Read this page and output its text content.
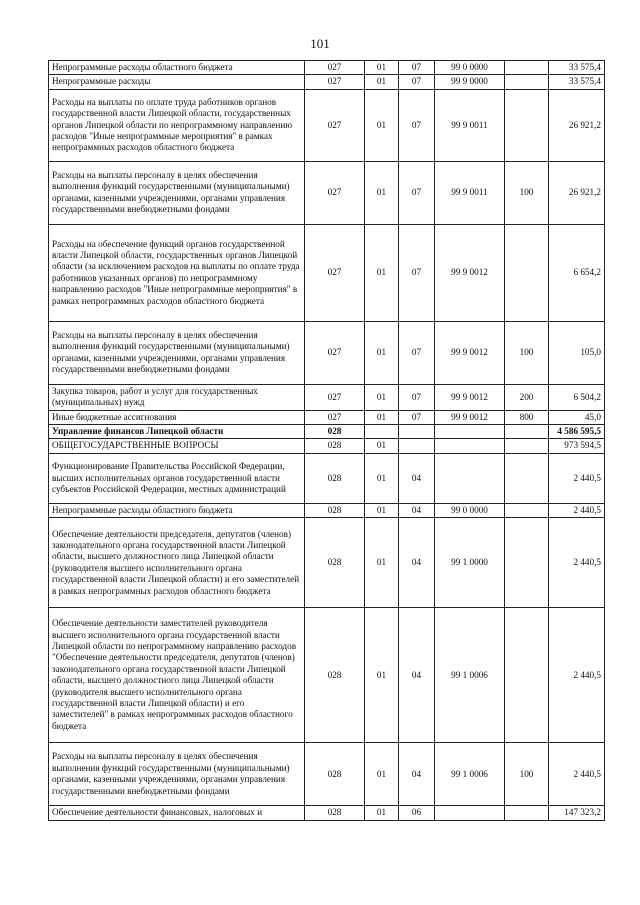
101
Непрограммные расходы областного бюджета	027	01	07	99 0 0000		33 575,4
Непрограммные расходы	027	01	07	99 9 0000		33 575,4
Расходы на выплаты по оплате труда работников органов государственной власти Липецкой области, государственных органов Липецкой области по непрограммному направлению расходов "Иные непрограммные мероприятия" в рамках непрограммных расходов областного бюджета	027	01	07	99 9 0011		26 921,2
Расходы на выплаты персоналу в целях обеспечения выполнения функций государственными (муниципальными) органами, казенными учреждениями, органами управления государственными внебюджетными фондами	027	01	07	99 9 0011	100	26 921,2
Расходы на обеспечение функций органов государственной власти Липецкой области, государственных органов Липецкой области (за исключением расходов на выплаты по оплате труда работников указанных органов) по непрограммному направлению расходов "Иные непрограммные мероприятия" в рамках непрограммных расходов областного бюджета	027	01	07	99 9 0012		6 654,2
Расходы на выплаты персоналу в целях обеспечения выполнения функций государственными (муниципальными) органами, казенными учреждениями, органами управления государственными внебюджетными фондами	027	01	07	99 9 0012	100	105,0
Закупка товаров, работ и услуг для государственных (муниципальных) нужд	027	01	07	99 9 0012	200	6 504,2
Иные бюджетные ассигнования	027	01	07	99 9 0012	800	45,0
Управление финансов Липецкой области	028					4 586 595,5
ОБЩЕГОСУДАРСТВЕННЫЕ ВОПРОСЫ	028	01				973 594,5
Функционирование Правительства Российской Федерации, высших исполнительных органов государственной власти субъектов Российской Федерации, местных администраций	028	01	04			2 440,5
Непрограммные расходы областного бюджета	028	01	04	99 0 0000		2 440,5
Обеспечение деятельности председателя, депутатов (членов) законодательного органа государственной власти Липецкой области, высшего должностного лица Липецкой области (руководителя высшего исполнительного органа государственной власти Липецкой области) и его заместителей в рамках непрограммных расходов областного бюджета	028	01	04	99 1 0000		2 440,5
Обеспечение деятельности заместителей руководителя высшего исполнительного органа государственной власти Липецкой области по непрограммному направлению расходов "Обеспечение деятельности председателя, депутатов (членов) законодательного органа государственной власти Липецкой области, высшего должностного лица Липецкой области (руководителя высшего исполнительного органа государственной власти Липецкой области) и его заместителей" в рамках непрограммных расходов областного бюджета	028	01	04	99 1 0006		2 440,5
Расходы на выплаты персоналу в целях обеспечения выполнения функций государственными (муниципальными) органами, казенными учреждениями, органами управления государственными внебюджетными фондами	028	01	04	99 1 0006	100	2 440,5
Обеспечение деятельности финансовых, налоговых и	028	01	06			147 323,2
